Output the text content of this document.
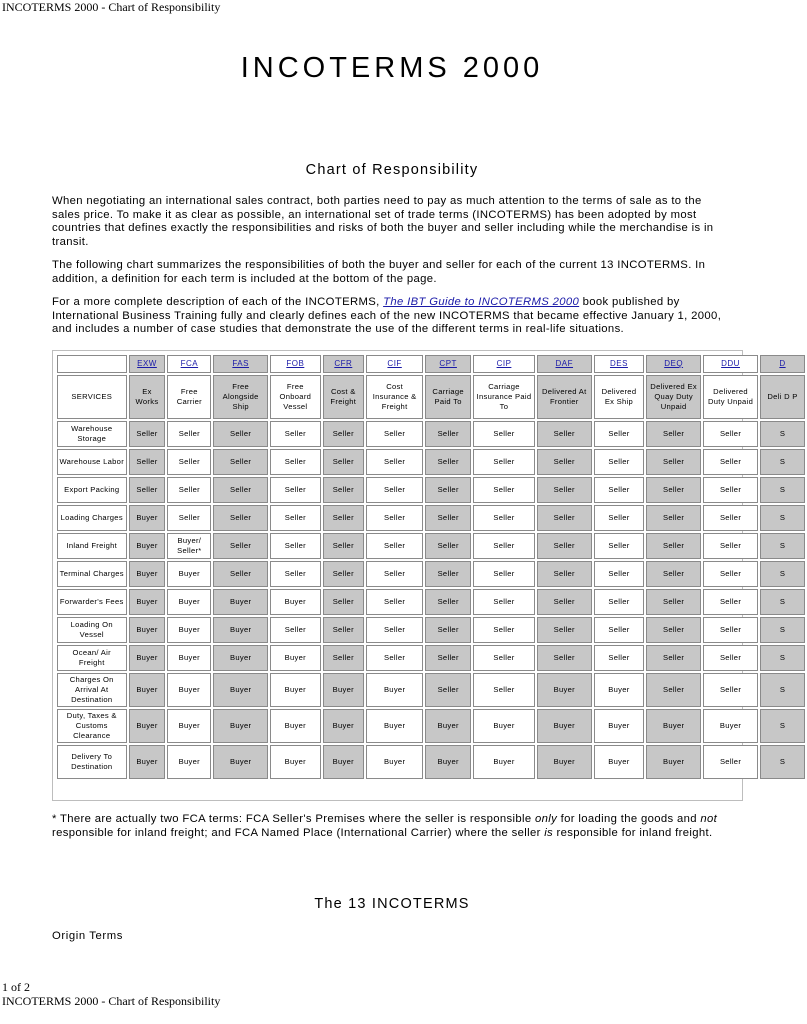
INCOTERMS 2000 - Chart of Responsibility
INCOTERMS 2000
Chart of Responsibility

When negotiating an international sales contract, both parties need to pay as much attention to the terms of sale as to the sales price. To make it as clear as possible, an international set of trade terms (INCOTERMS) has been adopted by most countries that defines exactly the responsibilities and risks of both the buyer and seller including while the merchandise is in transit.

The following chart summarizes the responsibilities of both the buyer and seller for each of the current 13 INCOTERMS. In addition, a definition for each term is included at the bottom of the page.

For a more complete description of each of the INCOTERMS, The IBT Guide to INCOTERMS 2000 book published by International Business Training fully and clearly defines each of the new INCOTERMS that became effective January 1, 2000, and includes a number of case studies that demonstrate the use of the different terms in real-life situations.

	EXW	FCA	FAS	FOB	CFR	CIF	CPT	CIP	DAF	DES	DEQ	DDU	D
SERVICES	Ex Works	Free Carrier	Free Alongside Ship	Free Onboard Vessel	Cost & Freight	Cost Insurance & Freight	Carriage Paid To	Carriage Insurance Paid To	Delivered At Frontier	Delivered Ex Ship	Delivered Ex Quay Duty Unpaid	Delivered Duty Unpaid	Deli D P
Warehouse Storage	Seller	Seller	Seller	Seller	Seller	Seller	Seller	Seller	Seller	Seller	Seller	Seller	S
Warehouse Labor	Seller	Seller	Seller	Seller	Seller	Seller	Seller	Seller	Seller	Seller	Seller	Seller	S
Export Packing	Seller	Seller	Seller	Seller	Seller	Seller	Seller	Seller	Seller	Seller	Seller	Seller	S
Loading Charges	Buyer	Seller	Seller	Seller	Seller	Seller	Seller	Seller	Seller	Seller	Seller	Seller	S
Inland Freight	Buyer	Buyer/ Seller*	Seller	Seller	Seller	Seller	Seller	Seller	Seller	Seller	Seller	Seller	S
Terminal Charges	Buyer	Buyer	Seller	Seller	Seller	Seller	Seller	Seller	Seller	Seller	Seller	Seller	S
Forwarder's Fees	Buyer	Buyer	Buyer	Buyer	Seller	Seller	Seller	Seller	Seller	Seller	Seller	Seller	S
Loading On Vessel	Buyer	Buyer	Buyer	Seller	Seller	Seller	Seller	Seller	Seller	Seller	Seller	Seller	S
Ocean/ Air Freight	Buyer	Buyer	Buyer	Buyer	Seller	Seller	Seller	Seller	Seller	Seller	Seller	Seller	S
Charges On Arrival At Destination	Buyer	Buyer	Buyer	Buyer	Buyer	Buyer	Seller	Seller	Buyer	Buyer	Seller	Seller	S
Duty, Taxes & Customs Clearance	Buyer	Buyer	Buyer	Buyer	Buyer	Buyer	Buyer	Buyer	Buyer	Buyer	Buyer	Buyer	S
Delivery To Destination	Buyer	Buyer	Buyer	Buyer	Buyer	Buyer	Buyer	Buyer	Buyer	Buyer	Buyer	Seller	S
* There are actually two FCA terms: FCA Seller's Premises where the seller is responsible only for loading the goods and not responsible for inland freight; and FCA Named Place (International Carrier) where the seller is responsible for inland freight.
The 13 INCOTERMS
Origin Terms
1 of 2
INCOTERMS 2000 - Chart of Responsibility
